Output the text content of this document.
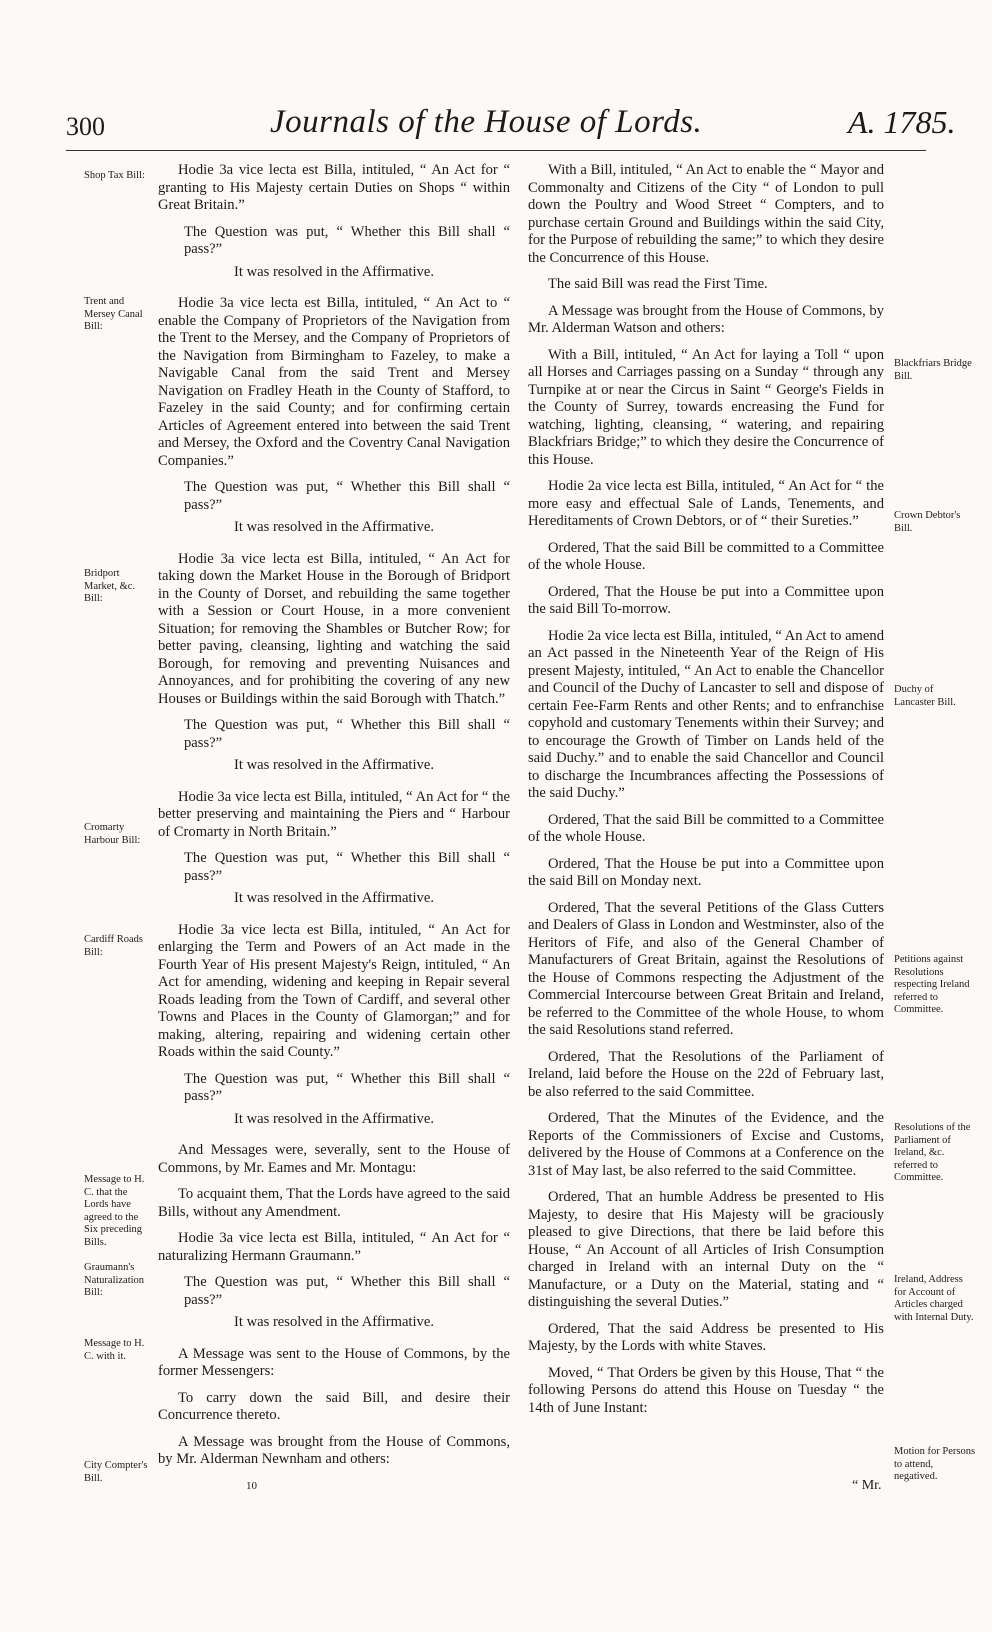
300	Journals of the House of Lords.	A. 1785.
Shop Tax Bill:
Trent and Mersey Canal Bill:
Bridport Market, &c. Bill:
Cromarty Harbour Bill:
Cardiff Roads Bill:
Message to H. C. that the Lords have agreed to the Six preceding Bills.
Graumann's Naturalization Bill:
Message to H. C. with it.
City Compter's Bill.
Blackfriars Bridge Bill.
Crown Debtor's Bill.
Duchy of Lancaster Bill.
Petitions against Resolutions respecting Ireland referred to Committee.
Resolutions of the Parliament of Ireland, &c. referred to Committee.
Ireland, Address for Account of Articles charged with Internal Duty.
Motion for Persons to attend, negatived.

Hodie 3a vice lecta est Billa, intituled, “ An Act for “ granting to His Majesty certain Duties on Shops “ within Great Britain.”

The Question was put, “ Whether this Bill shall “ pass?”

It was resolved in the Affirmative.

Hodie 3a vice lecta est Billa, intituled, “ An Act to “ enable the Company of Proprietors of the Navigation from the Trent to the Mersey, and the Company of Proprietors of the Navigation from Birmingham to Fazeley, to make a Navigable Canal from the said Trent and Mersey Navigation on Fradley Heath in the County of Stafford, to Fazeley in the said County; and for confirming certain Articles of Agreement entered into between the said Trent and Mersey, the Oxford and the Coventry Canal Navigation Companies.”

The Question was put, “ Whether this Bill shall “ pass?”

It was resolved in the Affirmative.

Hodie 3a vice lecta est Billa, intituled, “ An Act for taking down the Market House in the Borough of Bridport in the County of Dorset, and rebuilding the same together with a Session or Court House, in a more convenient Situation; for removing the Shambles or Butcher Row; for better paving, cleansing, lighting and watching the said Borough, for removing and preventing Nuisances and Annoyances, and for prohibiting the covering of any new Houses or Buildings within the said Borough with Thatch.”

The Question was put, “ Whether this Bill shall “ pass?”

It was resolved in the Affirmative.

Hodie 3a vice lecta est Billa, intituled, “ An Act for “ the better preserving and maintaining the Piers and “ Harbour of Cromarty in North Britain.”

The Question was put, “ Whether this Bill shall “ pass?”

It was resolved in the Affirmative.

Hodie 3a vice lecta est Billa, intituled, “ An Act for enlarging the Term and Powers of an Act made in the Fourth Year of His present Majesty's Reign, intituled, “ An Act for amending, widening and keeping in Repair several Roads leading from the Town of Cardiff, and several other Towns and Places in the County of Glamorgan;” and for making, altering, repairing and widening certain other Roads within the said County.”

The Question was put, “ Whether this Bill shall “ pass?”

It was resolved in the Affirmative.

And Messages were, severally, sent to the House of Commons, by Mr. Eames and Mr. Montagu:

To acquaint them, That the Lords have agreed to the said Bills, without any Amendment.

Hodie 3a vice lecta est Billa, intituled, “ An Act for “ naturalizing Hermann Graumann.”

The Question was put, “ Whether this Bill shall “ pass?”

It was resolved in the Affirmative.

A Message was sent to the House of Commons, by the former Messengers:

To carry down the said Bill, and desire their Concurrence thereto.

A Message was brought from the House of Commons, by Mr. Alderman Newnham and others:

With a Bill, intituled, “ An Act to enable the “ Mayor and Commonalty and Citizens of the City “ of London to pull down the Poultry and Wood Street “ Compters, and to purchase certain Ground and Buildings within the said City, for the Purpose of rebuilding the same;” to which they desire the Concurrence of this House.

The said Bill was read the First Time.

A Message was brought from the House of Commons, by Mr. Alderman Watson and others:

With a Bill, intituled, “ An Act for laying a Toll “ upon all Horses and Carriages passing on a Sunday “ through any Turnpike at or near the Circus in Saint “ George's Fields in the County of Surrey, towards encreasing the Fund for watching, lighting, cleansing, “ watering, and repairing Blackfriars Bridge;” to which they desire the Concurrence of this House.

Hodie 2a vice lecta est Billa, intituled, “ An Act for “ the more easy and effectual Sale of Lands, Tenements, and Hereditaments of Crown Debtors, or of “ their Sureties.”

Ordered, That the said Bill be committed to a Committee of the whole House.

Ordered, That the House be put into a Committee upon the said Bill To-morrow.

Hodie 2a vice lecta est Billa, intituled, “ An Act to amend an Act passed in the Nineteenth Year of the Reign of His present Majesty, intituled, “ An Act to enable the Chancellor and Council of the Duchy of Lancaster to sell and dispose of certain Fee-Farm Rents and other Rents; and to enfranchise copyhold and customary Tenements within their Survey; and to encourage the Growth of Timber on Lands held of the said Duchy.” and to enable the said Chancellor and Council to discharge the Incumbrances affecting the Possessions of the said Duchy.”

Ordered, That the said Bill be committed to a Committee of the whole House.

Ordered, That the House be put into a Committee upon the said Bill on Monday next.

Ordered, That the several Petitions of the Glass Cutters and Dealers of Glass in London and Westminster, also of the Heritors of Fife, and also of the General Chamber of Manufacturers of Great Britain, against the Resolutions of the House of Commons respecting the Adjustment of the Commercial Intercourse between Great Britain and Ireland, be referred to the Committee of the whole House, to whom the said Resolutions stand referred.

Ordered, That the Resolutions of the Parliament of Ireland, laid before the House on the 22d of February last, be also referred to the said Committee.

Ordered, That the Minutes of the Evidence, and the Reports of the Commissioners of Excise and Customs, delivered by the House of Commons at a Conference on the 31st of May last, be also referred to the said Committee.

Ordered, That an humble Address be presented to His Majesty, to desire that His Majesty will be graciously pleased to give Directions, that there be laid before this House, “ An Account of all Articles of Irish Consumption charged in Ireland with an internal Duty on the “ Manufacture, or a Duty on the Material, stating and “ distinguishing the several Duties.”

Ordered, That the said Address be presented to His Majesty, by the Lords with white Staves.

Moved, “ That Orders be given by this House, That “ the following Persons do attend this House on Tuesday “ the 14th of June Instant:

10	“ Mr.
